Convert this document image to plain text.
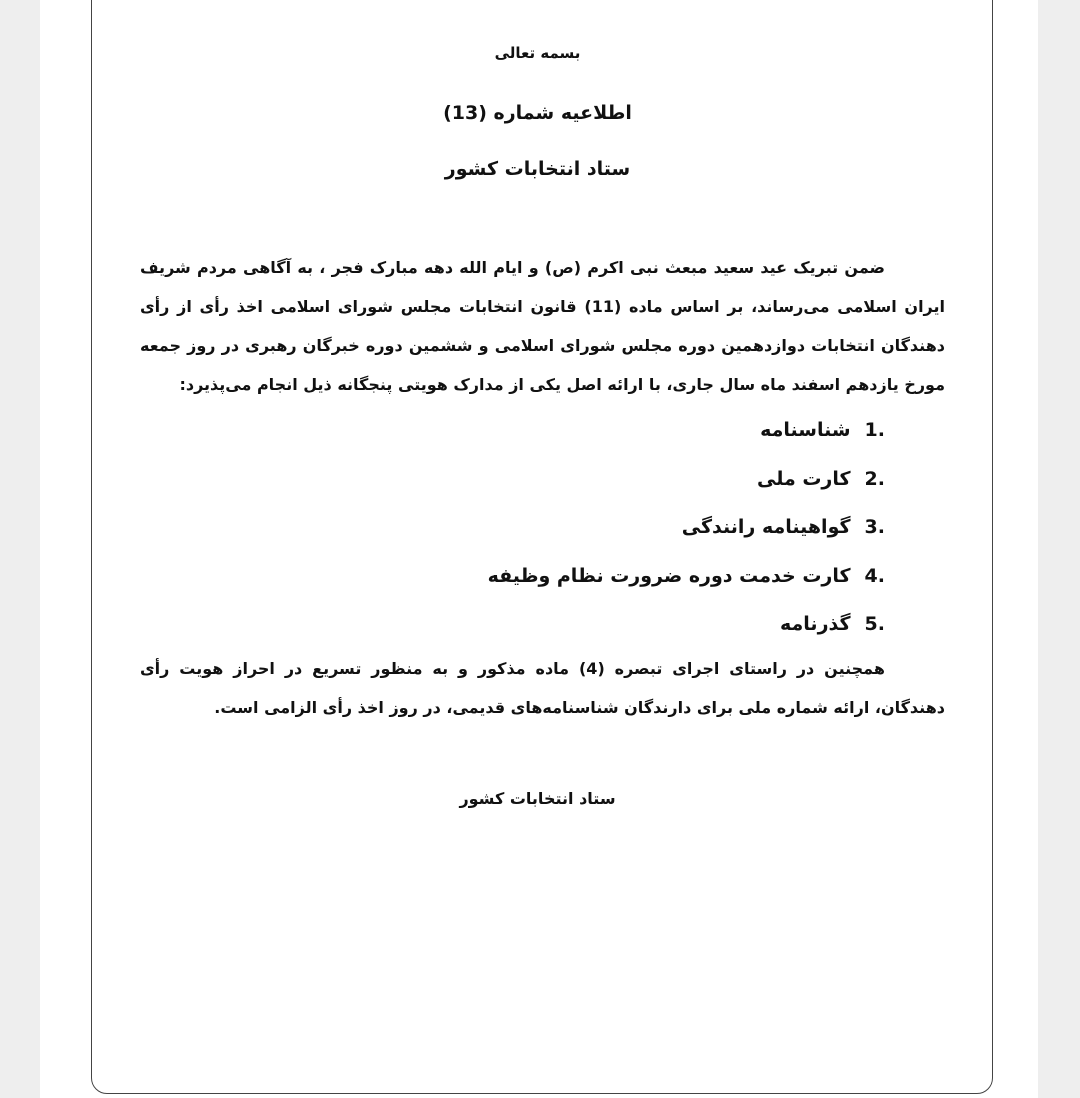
بسمه تعالی

اطلاعیه شماره (13)

ستاد انتخابات کشور

ضمن تبریک عید سعید مبعث نبی اکرم (ص) و ایام الله دهه مبارک فجر ، به آگاهی مردم شریف ایران اسلامی می‌رساند، بر اساس ماده (11) قانون انتخابات مجلس شورای اسلامی اخذ رأی از رأی دهندگان انتخابات دوازدهمین دوره مجلس شورای اسلامی و ششمین دوره خبرگان رهبری در روز جمعه مورخ یازدهم اسفند ماه سال جاری، با ارائه اصل یکی از مدارک هویتی پنجگانه ذیل انجام می‌پذیرد:

1.شناسنامه
2.کارت ملی
3.گواهینامه رانندگی
4.کارت خدمت دوره ضرورت نظام وظیفه
5.گذرنامه

همچنین در راستای اجرای تبصره (4) ماده مذکور و به منظور تسریع در احراز هویت رأی دهندگان، ارائه شماره ملی برای دارندگان شناسنامه‌های قدیمی، در روز اخذ رأی الزامی است.

ستاد انتخابات کشور
